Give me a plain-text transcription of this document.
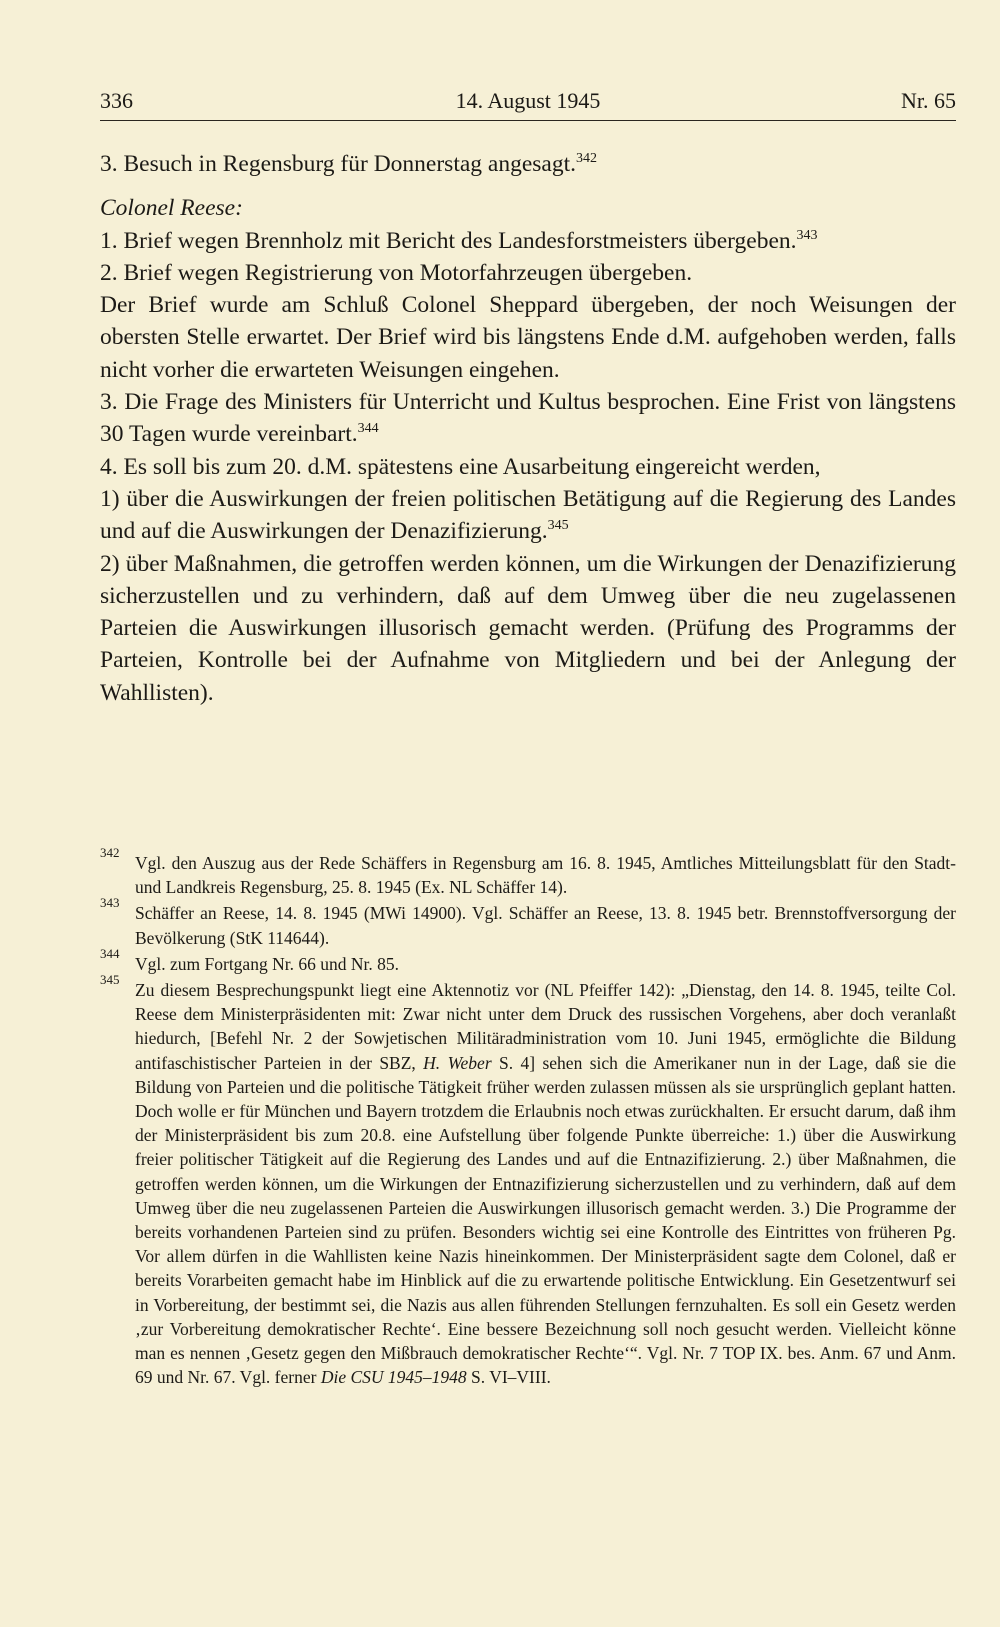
14. August 1945
336	Nr. 65

3. Besuch in Regensburg für Donnerstag angesagt.$^{342}$

Colonel Reese:

1. Brief wegen Brennholz mit Bericht des Landesforstmeisters übergeben.$^{343}$

2. Brief wegen Registrierung von Motorfahrzeugen übergeben.

Der Brief wurde am Schluß Colonel Sheppard übergeben, der noch Weisungen der obersten Stelle erwartet. Der Brief wird bis längstens Ende d.M. aufgehoben werden, falls nicht vorher die erwarteten Weisungen eingehen.

3. Die Frage des Ministers für Unterricht und Kultus besprochen. Eine Frist von längstens 30 Tagen wurde vereinbart.$^{344}$

4. Es soll bis zum 20. d.M. spätestens eine Ausarbeitung eingereicht werden,

1) über die Auswirkungen der freien politischen Betätigung auf die Regierung des Landes und auf die Auswirkungen der Denazifizierung.$^{345}$

2) über Maßnahmen, die getroffen werden können, um die Wirkungen der Denazifizierung sicherzustellen und zu verhindern, daß auf dem Umweg über die neu zugelassenen Parteien die Auswirkungen illusorisch gemacht werden. (Prüfung des Programms der Parteien, Kontrolle bei der Aufnahme von Mitgliedern und bei der Anlegung der Wahllisten).

342
Vgl. den Auszug aus der Rede Schäffers in Regensburg am 16. 8. 1945, Amtliches Mitteilungsblatt für den Stadt- und Landkreis Regensburg, 25. 8. 1945 (Ex. NL Schäffer 14).
343
Schäffer an Reese, 14. 8. 1945 (MWi 14900). Vgl. Schäffer an Reese, 13. 8. 1945 betr. Brennstoffversorgung der Bevölkerung (StK 114644).
344
Vgl. zum Fortgang Nr. 66 und Nr. 85.
345
Zu diesem Besprechungspunkt liegt eine Aktennotiz vor (NL Pfeiffer 142): „Dienstag, den 14. 8. 1945, teilte Col. Reese dem Ministerpräsidenten mit: Zwar nicht unter dem Druck des russischen Vorgehens, aber doch veranlaßt hiedurch, [Befehl Nr. 2 der Sowjetischen Militäradministration vom 10. Juni 1945, ermöglichte die Bildung antifaschistischer Parteien in der SBZ, H. Weber S. 4] sehen sich die Amerikaner nun in der Lage, daß sie die Bildung von Parteien und die politische Tätigkeit früher werden zulassen müssen als sie ursprünglich geplant hatten. Doch wolle er für München und Bayern trotzdem die Erlaubnis noch etwas zurückhalten. Er ersucht darum, daß ihm der Ministerpräsident bis zum 20.8. eine Aufstellung über folgende Punkte überreiche: 1.) über die Auswirkung freier politischer Tätigkeit auf die Regierung des Landes und auf die Entnazifizierung. 2.) über Maßnahmen, die getroffen werden können, um die Wirkungen der Entnazifizierung sicherzustellen und zu verhindern, daß auf dem Umweg über die neu zugelassenen Parteien die Auswirkungen illusorisch gemacht werden. 3.) Die Programme der bereits vorhandenen Parteien sind zu prüfen. Besonders wichtig sei eine Kontrolle des Eintrittes von früheren Pg. Vor allem dürfen in die Wahllisten keine Nazis hineinkommen. Der Ministerpräsident sagte dem Colonel, daß er bereits Vorarbeiten gemacht habe im Hinblick auf die zu erwartende politische Entwicklung. Ein Gesetzentwurf sei in Vorbereitung, der bestimmt sei, die Nazis aus allen führenden Stellungen fernzuhalten. Es soll ein Gesetz werden ‚zur Vorbereitung demokratischer Rechte‘. Eine bessere Bezeichnung soll noch gesucht werden. Vielleicht könne man es nennen ‚Gesetz gegen den Mißbrauch demokratischer Rechte‘“. Vgl. Nr. 7 TOP IX. bes. Anm. 67 und Anm. 69 und Nr. 67. Vgl. ferner Die CSU 1945–1948 S. VI–VIII.
